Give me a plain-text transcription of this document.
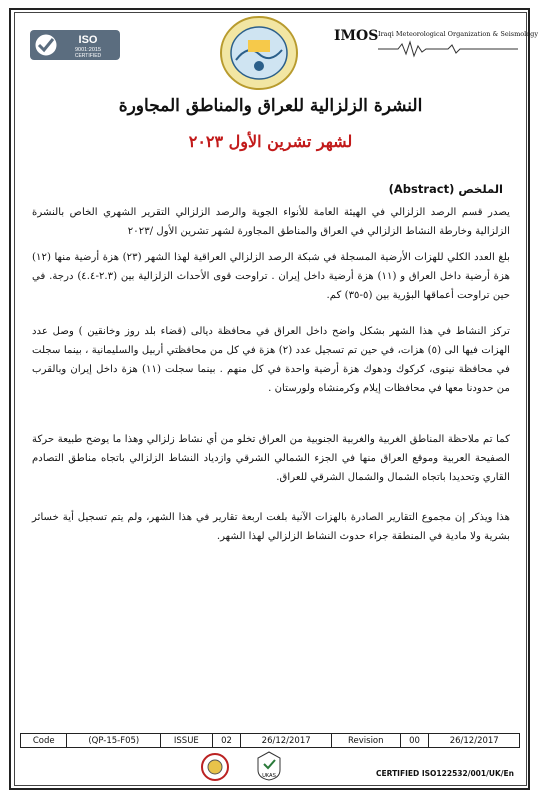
ISO
9001:2015
CERTIFIED
IMOS Iraqi Meteorological Organization & Seismology
النشرة الزلزالية للعراق والمناطق المجاورة
لشهر تشرين الأول ٢٠٢٣
الملخص (Abstract)
يصدر قسم الرصد الزلزالي في الهيئة العامة للأنواء الجوية والرصد الزلزالي التقرير الشهري الخاص بالنشرة الزلزالية وخارطة النشاط الزلزالي في العراق والمناطق المجاورة لشهر تشرين الأول /٢٠٢٣
بلغ العدد الكلي للهزات الأرضية المسجلة في شبكة الرصد الزلزالي العراقية لهذا الشهر (٢٣) هزة أرضية منها (١٢) هزة أرضية داخل العراق و (١١) هزة أرضية داخل إيران . تراوحت قوى الأحداث الزلزالية بين (٢.٣-٤.٤) درجة. في حين تراوحت أعماقها البؤرية بين (٥-٣٥) كم.
تركز النشاط في هذا الشهر بشكل واضح داخل العراق في محافظة ديالى (قضاء بلد روز وخانقين ) وصل عدد الهزات فيها الى (٥) هزات، في حين تم تسجيل عدد (٢) هزة في كل من محافظتي أربيل والسليمانية ، بينما سجلت في محافظة نينوى، كركوك ودهوك هزة أرضية واحدة في كل منهم . بينما سجلت (١١) هزة داخل إيران وبالقرب من حدودنا معها في محافظات إيلام وكرمنشاه ولورستان .
كما تم ملاحظة المناطق الغربية والغربية الجنوبية من العراق تخلو من أي نشاط زلزالي وهذا ما يوضح طبيعة حركة الصفيحة العربية وموقع العراق منها في الجزء الشمالي الشرقي وازدياد النشاط الزلزالي باتجاه مناطق التصادم القاري وتحديدا باتجاه الشمال والشمال الشرقي للعراق.
هذا ويذكر إن مجموع التقارير الصادرة بالهزات الآنية بلغت اربعة تقارير في هذا الشهر، ولم يتم تسجيل أية خسائر بشرية ولا مادية في المنطقة جراء حدوث النشاط الزلزالي لهذا الشهر.
Code	(QP-15-F05)	ISSUE	02	26/12/2017	Revision	00	26/12/2017
UKAS	CERTIFIED ISO122532/001/UK/En
